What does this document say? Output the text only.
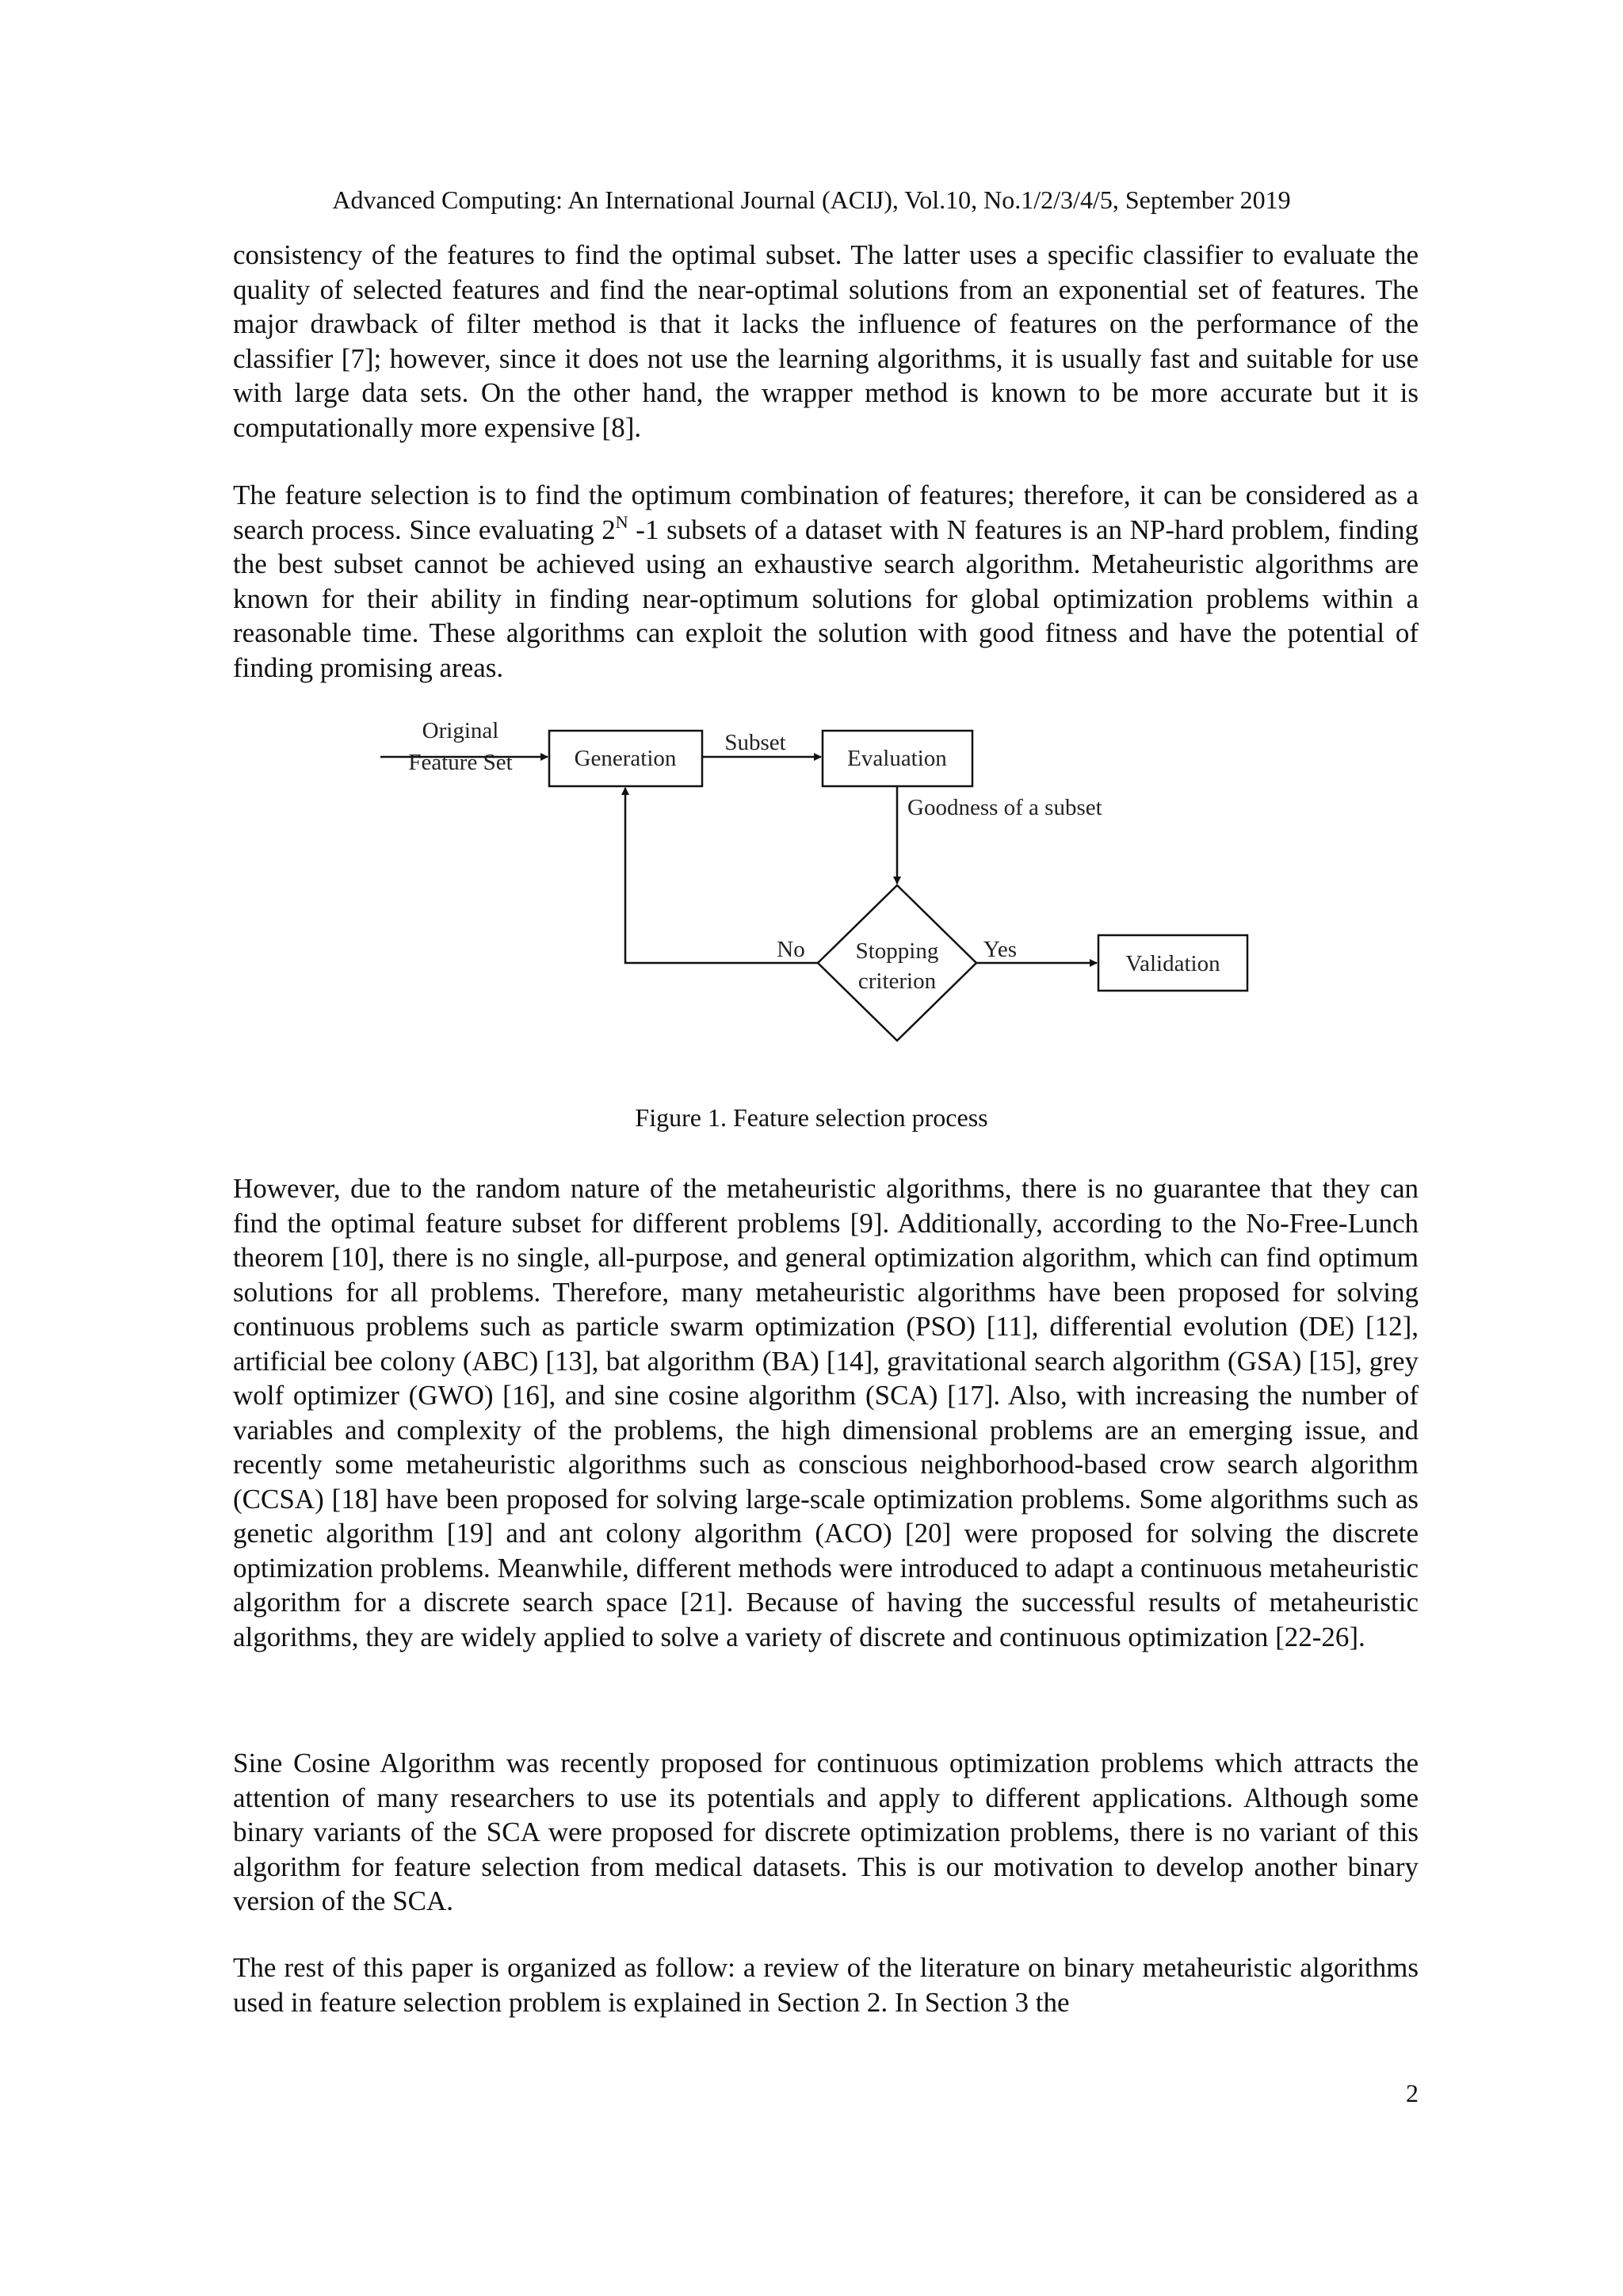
Advanced Computing: An International Journal (ACIJ), Vol.10, No.1/2/3/4/5, September 2019

consistency of the features to find the optimal subset. The latter uses a specific classifier to evaluate the quality of selected features and find the near-optimal solutions from an exponential set of features. The major drawback of filter method is that it lacks the influence of features on the performance of the classifier [7]; however, since it does not use the learning algorithms, it is usually fast and suitable for use with large data sets. On the other hand, the wrapper method is known to be more accurate but it is computationally more expensive [8].

The feature selection is to find the optimum combination of features; therefore, it can be considered as a search process. Since evaluating $2^N$ -1 subsets of a dataset with N features is an NP-hard problem, finding the best subset cannot be achieved using an exhaustive search algorithm. Metaheuristic algorithms are known for their ability in finding near-optimum solutions for global optimization problems within a reasonable time. These algorithms can exploit the solution with good fitness and have the potential of finding promising areas.

Original
Feature Set	Generation
Subset
Evaluation
Goodness of a subset
Stopping
criterion
No	Yes
Validation
Figure 1. Feature selection process

However, due to the random nature of the metaheuristic algorithms, there is no guarantee that they can find the optimal feature subset for different problems [9]. Additionally, according to the No-Free-Lunch theorem [10], there is no single, all-purpose, and general optimization algorithm, which can find optimum solutions for all problems. Therefore, many metaheuristic algorithms have been proposed for solving continuous problems such as particle swarm optimization (PSO) [11], differential evolution (DE) [12], artificial bee colony (ABC) [13], bat algorithm (BA) [14], gravitational search algorithm (GSA) [15], grey wolf optimizer (GWO) [16], and sine cosine algorithm (SCA) [17]. Also, with increasing the number of variables and complexity of the problems, the high dimensional problems are an emerging issue, and recently some metaheuristic algorithms such as conscious neighborhood-based crow search algorithm (CCSA) [18] have been proposed for solving large-scale optimization problems. Some algorithms such as genetic algorithm [19] and ant colony algorithm (ACO) [20] were proposed for solving the discrete optimization problems. Meanwhile, different methods were introduced to adapt a continuous metaheuristic algorithm for a discrete search space [21]. Because of having the successful results of metaheuristic algorithms, they are widely applied to solve a variety of discrete and continuous optimization [22-26].

Sine Cosine Algorithm was recently proposed for continuous optimization problems which attracts the attention of many researchers to use its potentials and apply to different applications. Although some binary variants of the SCA were proposed for discrete optimization problems, there is no variant of this algorithm for feature selection from medical datasets. This is our motivation to develop another binary version of the SCA.

The rest of this paper is organized as follow: a review of the literature on binary metaheuristic algorithms used in feature selection problem is explained in Section 2. In Section 3 the

2
